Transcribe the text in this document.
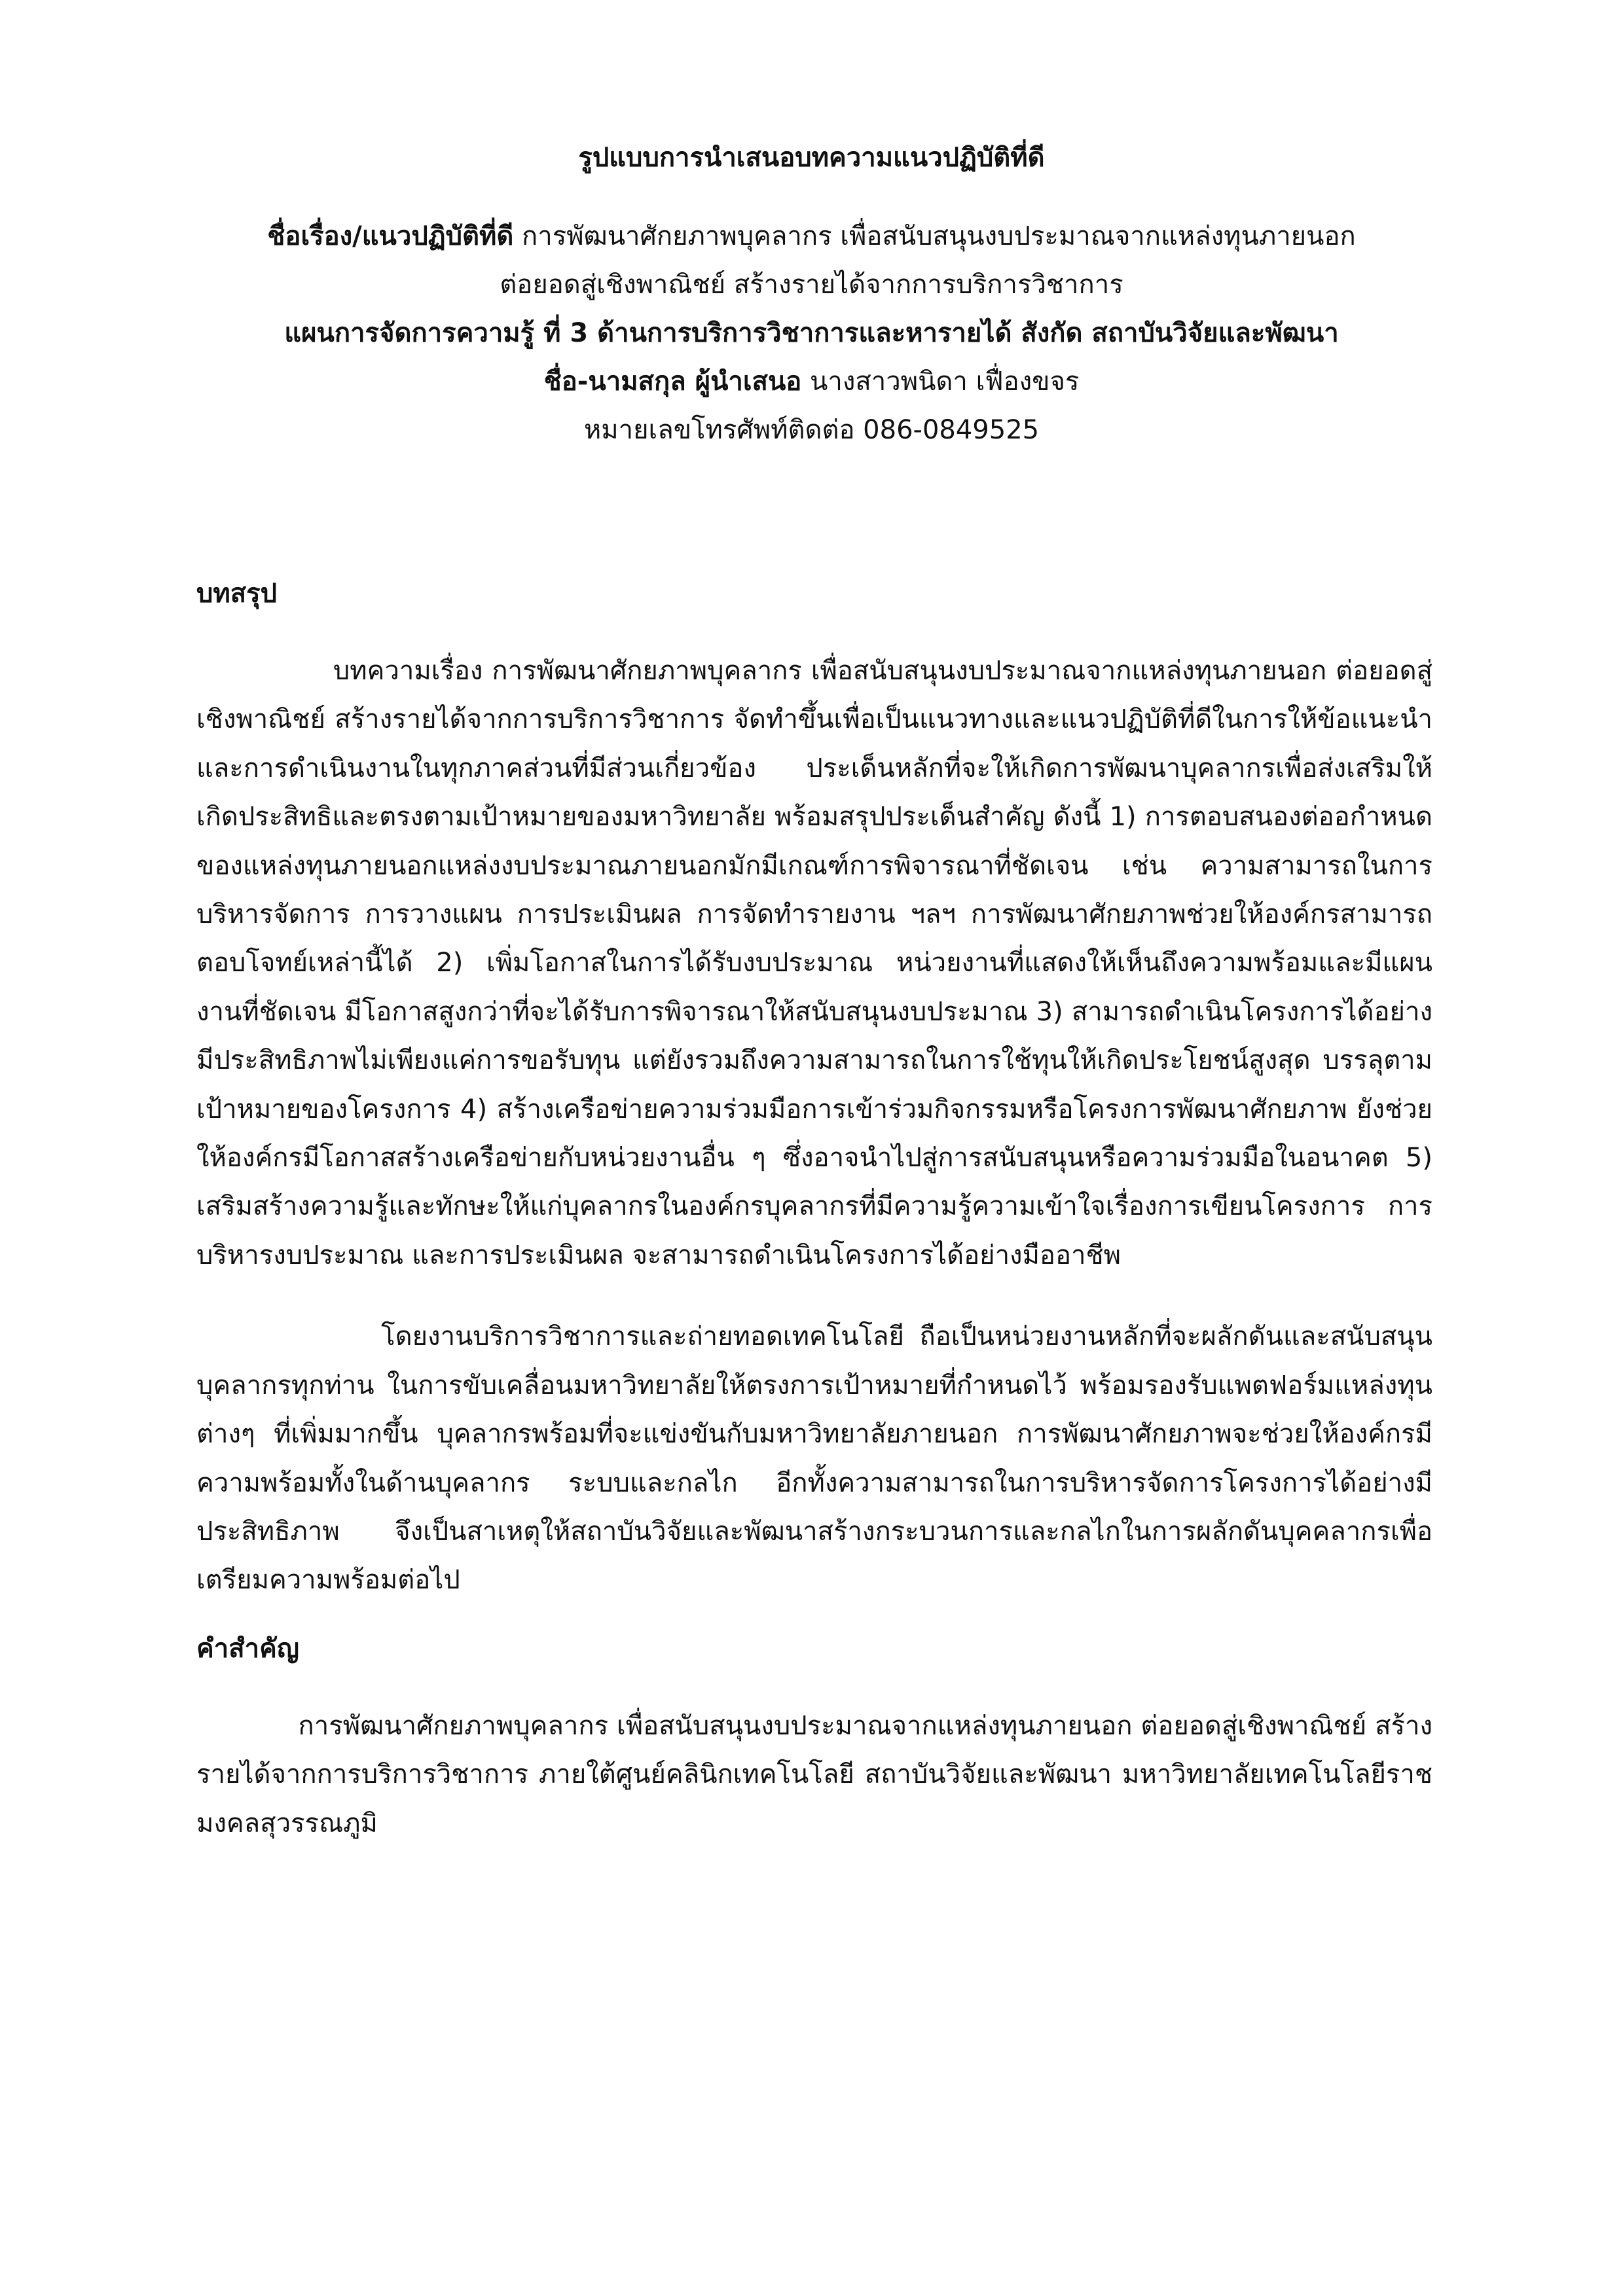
รูปแบบการนำเสนอบทความแนวปฏิบัติที่ดี
ชื่อเรื่อง/แนวปฏิบัติที่ดี การพัฒนาศักยภาพบุคลากร เพื่อสนับสนุนงบประมาณจากแหล่งทุนภายนอก
ต่อยอดสู่เชิงพาณิชย์ สร้างรายได้จากการบริการวิชาการ
แผนการจัดการความรู้ ที่ 3 ด้านการบริการวิชาการและหารายได้ สังกัด สถาบันวิจัยและพัฒนา
ชื่อ-นามสกุล ผู้นำเสนอ นางสาวพนิดา เฟื่องขจร
หมายเลขโทรศัพท์ติดต่อ 086-0849525
บทสรุป

บทความเรื่อง การพัฒนาศักยภาพบุคลากร เพื่อสนับสนุนงบประมาณจากแหล่งทุนภายนอก ต่อยอดสู่เชิงพาณิชย์ สร้างรายได้จากการบริการวิชาการ จัดทำขึ้นเพื่อเป็นแนวทางและแนวปฏิบัติที่ดีในการให้ข้อแนะนำและการดำเนินงานในทุกภาคส่วนที่มีส่วนเกี่ยวข้อง ประเด็นหลักที่จะให้เกิดการพัฒนาบุคลากรเพื่อส่งเสริมให้เกิดประสิทธิและตรงตามเป้าหมายของมหาวิทยาลัย พร้อมสรุปประเด็นสำคัญ ดังนี้ 1) การตอบสนองต่ออกำหนดของแหล่งทุนภายนอกแหล่งงบประมาณภายนอกมักมีเกณฑ์การพิจารณาที่ชัดเจน เช่น ความสามารถในการบริหารจัดการ การวางแผน การประเมินผล การจัดทำรายงาน ฯลฯ การพัฒนาศักยภาพช่วยให้องค์กรสามารถตอบโจทย์เหล่านี้ได้ 2) เพิ่มโอกาสในการได้รับงบประมาณ หน่วยงานที่แสดงให้เห็นถึงความพร้อมและมีแผนงานที่ชัดเจน มีโอกาสสูงกว่าที่จะได้รับการพิจารณาให้สนับสนุนงบประมาณ 3) สามารถดำเนินโครงการได้อย่างมีประสิทธิภาพไม่เพียงแค่การขอรับทุน แต่ยังรวมถึงความสามารถในการใช้ทุนให้เกิดประโยชน์สูงสุด บรรลุตามเป้าหมายของโครงการ 4) สร้างเครือข่ายความร่วมมือการเข้าร่วมกิจกรรมหรือโครงการพัฒนาศักยภาพ ยังช่วยให้องค์กรมีโอกาสสร้างเครือข่ายกับหน่วยงานอื่น ๆ ซึ่งอาจนำไปสู่การสนับสนุนหรือความร่วมมือในอนาคต 5) เสริมสร้างความรู้และทักษะให้แก่บุคลากรในองค์กรบุคลากรที่มีความรู้ความเข้าใจเรื่องการเขียนโครงการ การบริหารงบประมาณ และการประเมินผล จะสามารถดำเนินโครงการได้อย่างมืออาชีพ

โดยงานบริการวิชาการและถ่ายทอดเทคโนโลยี ถือเป็นหน่วยงานหลักที่จะผลักดันและสนับสนุนบุคลากรทุกท่าน ในการขับเคลื่อนมหาวิทยาลัยให้ตรงการเป้าหมายที่กำหนดไว้ พร้อมรองรับแพตฟอร์มแหล่งทุนต่างๆ ที่เพิ่มมากขึ้น บุคลากรพร้อมที่จะแข่งขันกับมหาวิทยาลัยภายนอก การพัฒนาศักยภาพจะช่วยให้องค์กรมีความพร้อมทั้งในด้านบุคลากร ระบบและกลไก อีกทั้งความสามารถในการบริหารจัดการโครงการได้อย่างมีประสิทธิภาพ จึงเป็นสาเหตุให้สถาบันวิจัยและพัฒนาสร้างกระบวนการและกลไกในการผลักดันบุคคลากรเพื่อเตรียมความพร้อมต่อไป

คำสำคัญ

การพัฒนาศักยภาพบุคลากร เพื่อสนับสนุนงบประมาณจากแหล่งทุนภายนอก ต่อยอดสู่เชิงพาณิชย์ สร้างรายได้จากการบริการวิชาการ ภายใต้ศูนย์คลินิกเทคโนโลยี สถาบันวิจัยและพัฒนา มหาวิทยาลัยเทคโนโลยีราชมงคลสุวรรณภูมิ
